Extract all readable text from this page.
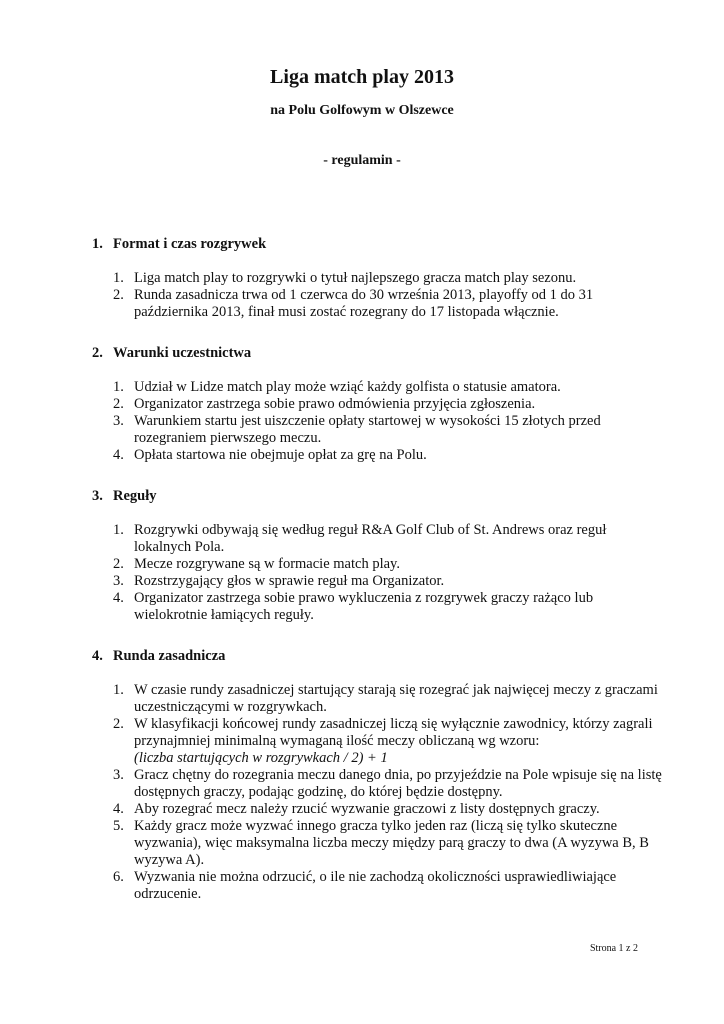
Liga match play 2013
na Polu Golfowym w Olszewce
- regulamin -
1. Format i czas rozgrywek
1. Liga match play to rozgrywki o tytuł najlepszego gracza match play sezonu.
2. Runda zasadnicza trwa od 1 czerwca do 30 września 2013, playoffy od 1 do 31 października 2013, finał musi zostać rozegrany do 17 listopada włącznie.
2. Warunki uczestnictwa
1. Udział w Lidze match play może wziąć każdy golfista o statusie amatora.
2. Organizator zastrzega sobie prawo odmówienia przyjęcia zgłoszenia.
3. Warunkiem startu jest uiszczenie opłaty startowej w wysokości 15 złotych przed rozegraniem pierwszego meczu.
4. Opłata startowa nie obejmuje opłat za grę na Polu.
3. Reguły
1. Rozgrywki odbywają się według reguł R&A Golf Club of St. Andrews oraz reguł lokalnych Pola.
2. Mecze rozgrywane są w formacie match play.
3. Rozstrzygający głos w sprawie reguł ma Organizator.
4. Organizator zastrzega sobie prawo wykluczenia z rozgrywek graczy rażąco lub wielokrotnie łamiących reguły.
4. Runda zasadnicza
1. W czasie rundy zasadniczej startujący starają się rozegrać jak najwięcej meczy z graczami uczestniczącymi w rozgrywkach.
2. W klasyfikacji końcowej rundy zasadniczej liczą się wyłącznie zawodnicy, którzy zagrali przynajmniej minimalną wymaganą ilość meczy obliczaną wg wzoru:
(liczba startujących w rozgrywkach / 2) + 1
3. Gracz chętny do rozegrania meczu danego dnia, po przyjeździe na Pole wpisuje się na listę dostępnych graczy, podając godzinę, do której będzie dostępny.
4. Aby rozegrać mecz należy rzucić wyzwanie graczowi z listy dostępnych graczy.
5. Każdy gracz może wyzwać innego gracza tylko jeden raz (liczą się tylko skuteczne wyzwania), więc maksymalna liczba meczy między parą graczy to dwa (A wyzywa B, B wyzywa A).
6. Wyzwania nie można odrzucić, o ile nie zachodzą okoliczności usprawiedliwiające odrzucenie.
Strona 1 z 2
